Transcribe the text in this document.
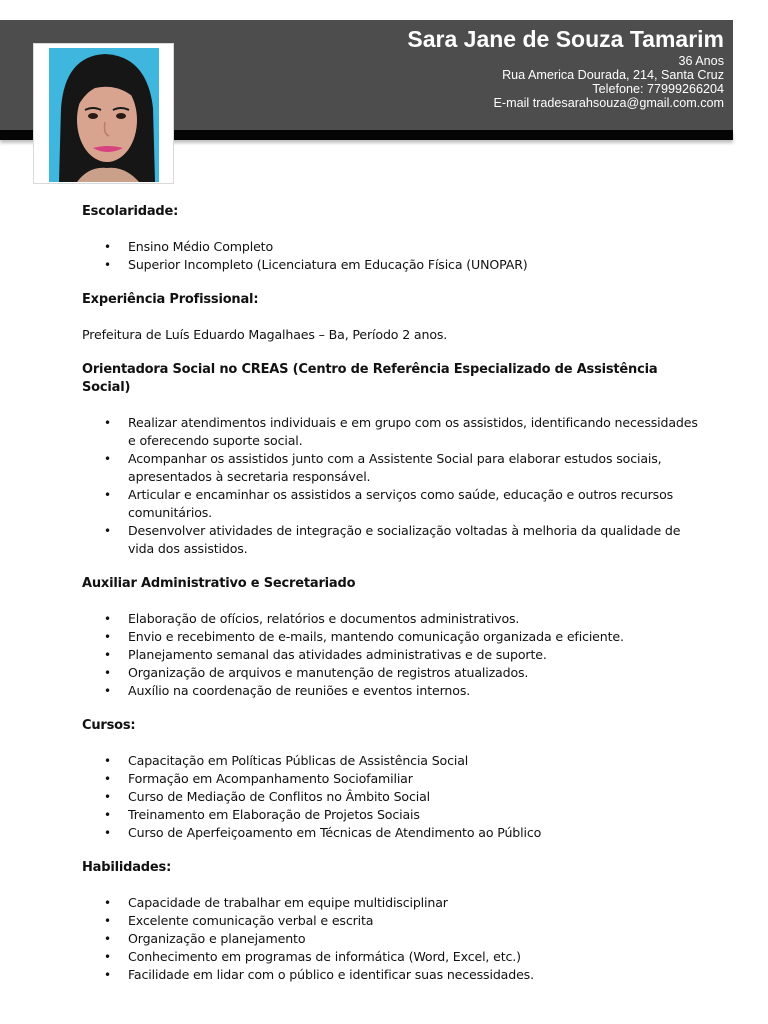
Sara Jane de Souza Tamarim
36 Anos
Rua America Dourada, 214, Santa Cruz
Telefone: 77999266204
E-mail tradesarahsouza@gmail.com.com
Escolaridade:
• Ensino Médio Completo
• Superior Incompleto (Licenciatura em Educação Física (UNOPAR)
Experiência Profissional:
Prefeitura de Luís Eduardo Magalhaes – Ba, Período 2 anos.
Orientadora Social no CREAS (Centro de Referência Especializado de Assistência Social)
• Realizar atendimentos individuais e em grupo com os assistidos, identificando necessidades e oferecendo suporte social.
• Acompanhar os assistidos junto com a Assistente Social para elaborar estudos sociais, apresentados à secretaria responsável.
• Articular e encaminhar os assistidos a serviços como saúde, educação e outros recursos comunitários.
• Desenvolver atividades de integração e socialização voltadas à melhoria da qualidade de vida dos assistidos.
Auxiliar Administrativo e Secretariado
• Elaboração de ofícios, relatórios e documentos administrativos.
• Envio e recebimento de e-mails, mantendo comunicação organizada e eficiente.
• Planejamento semanal das atividades administrativas e de suporte.
• Organização de arquivos e manutenção de registros atualizados.
• Auxílio na coordenação de reuniões e eventos internos.
Cursos:
• Capacitação em Políticas Públicas de Assistência Social
• Formação em Acompanhamento Sociofamiliar
• Curso de Mediação de Conflitos no Âmbito Social
• Treinamento em Elaboração de Projetos Sociais
• Curso de Aperfeiçoamento em Técnicas de Atendimento ao Público
Habilidades:
• Capacidade de trabalhar em equipe multidisciplinar
• Excelente comunicação verbal e escrita
• Organização e planejamento
• Conhecimento em programas de informática (Word, Excel, etc.)
• Facilidade em lidar com o público e identificar suas necessidades.
